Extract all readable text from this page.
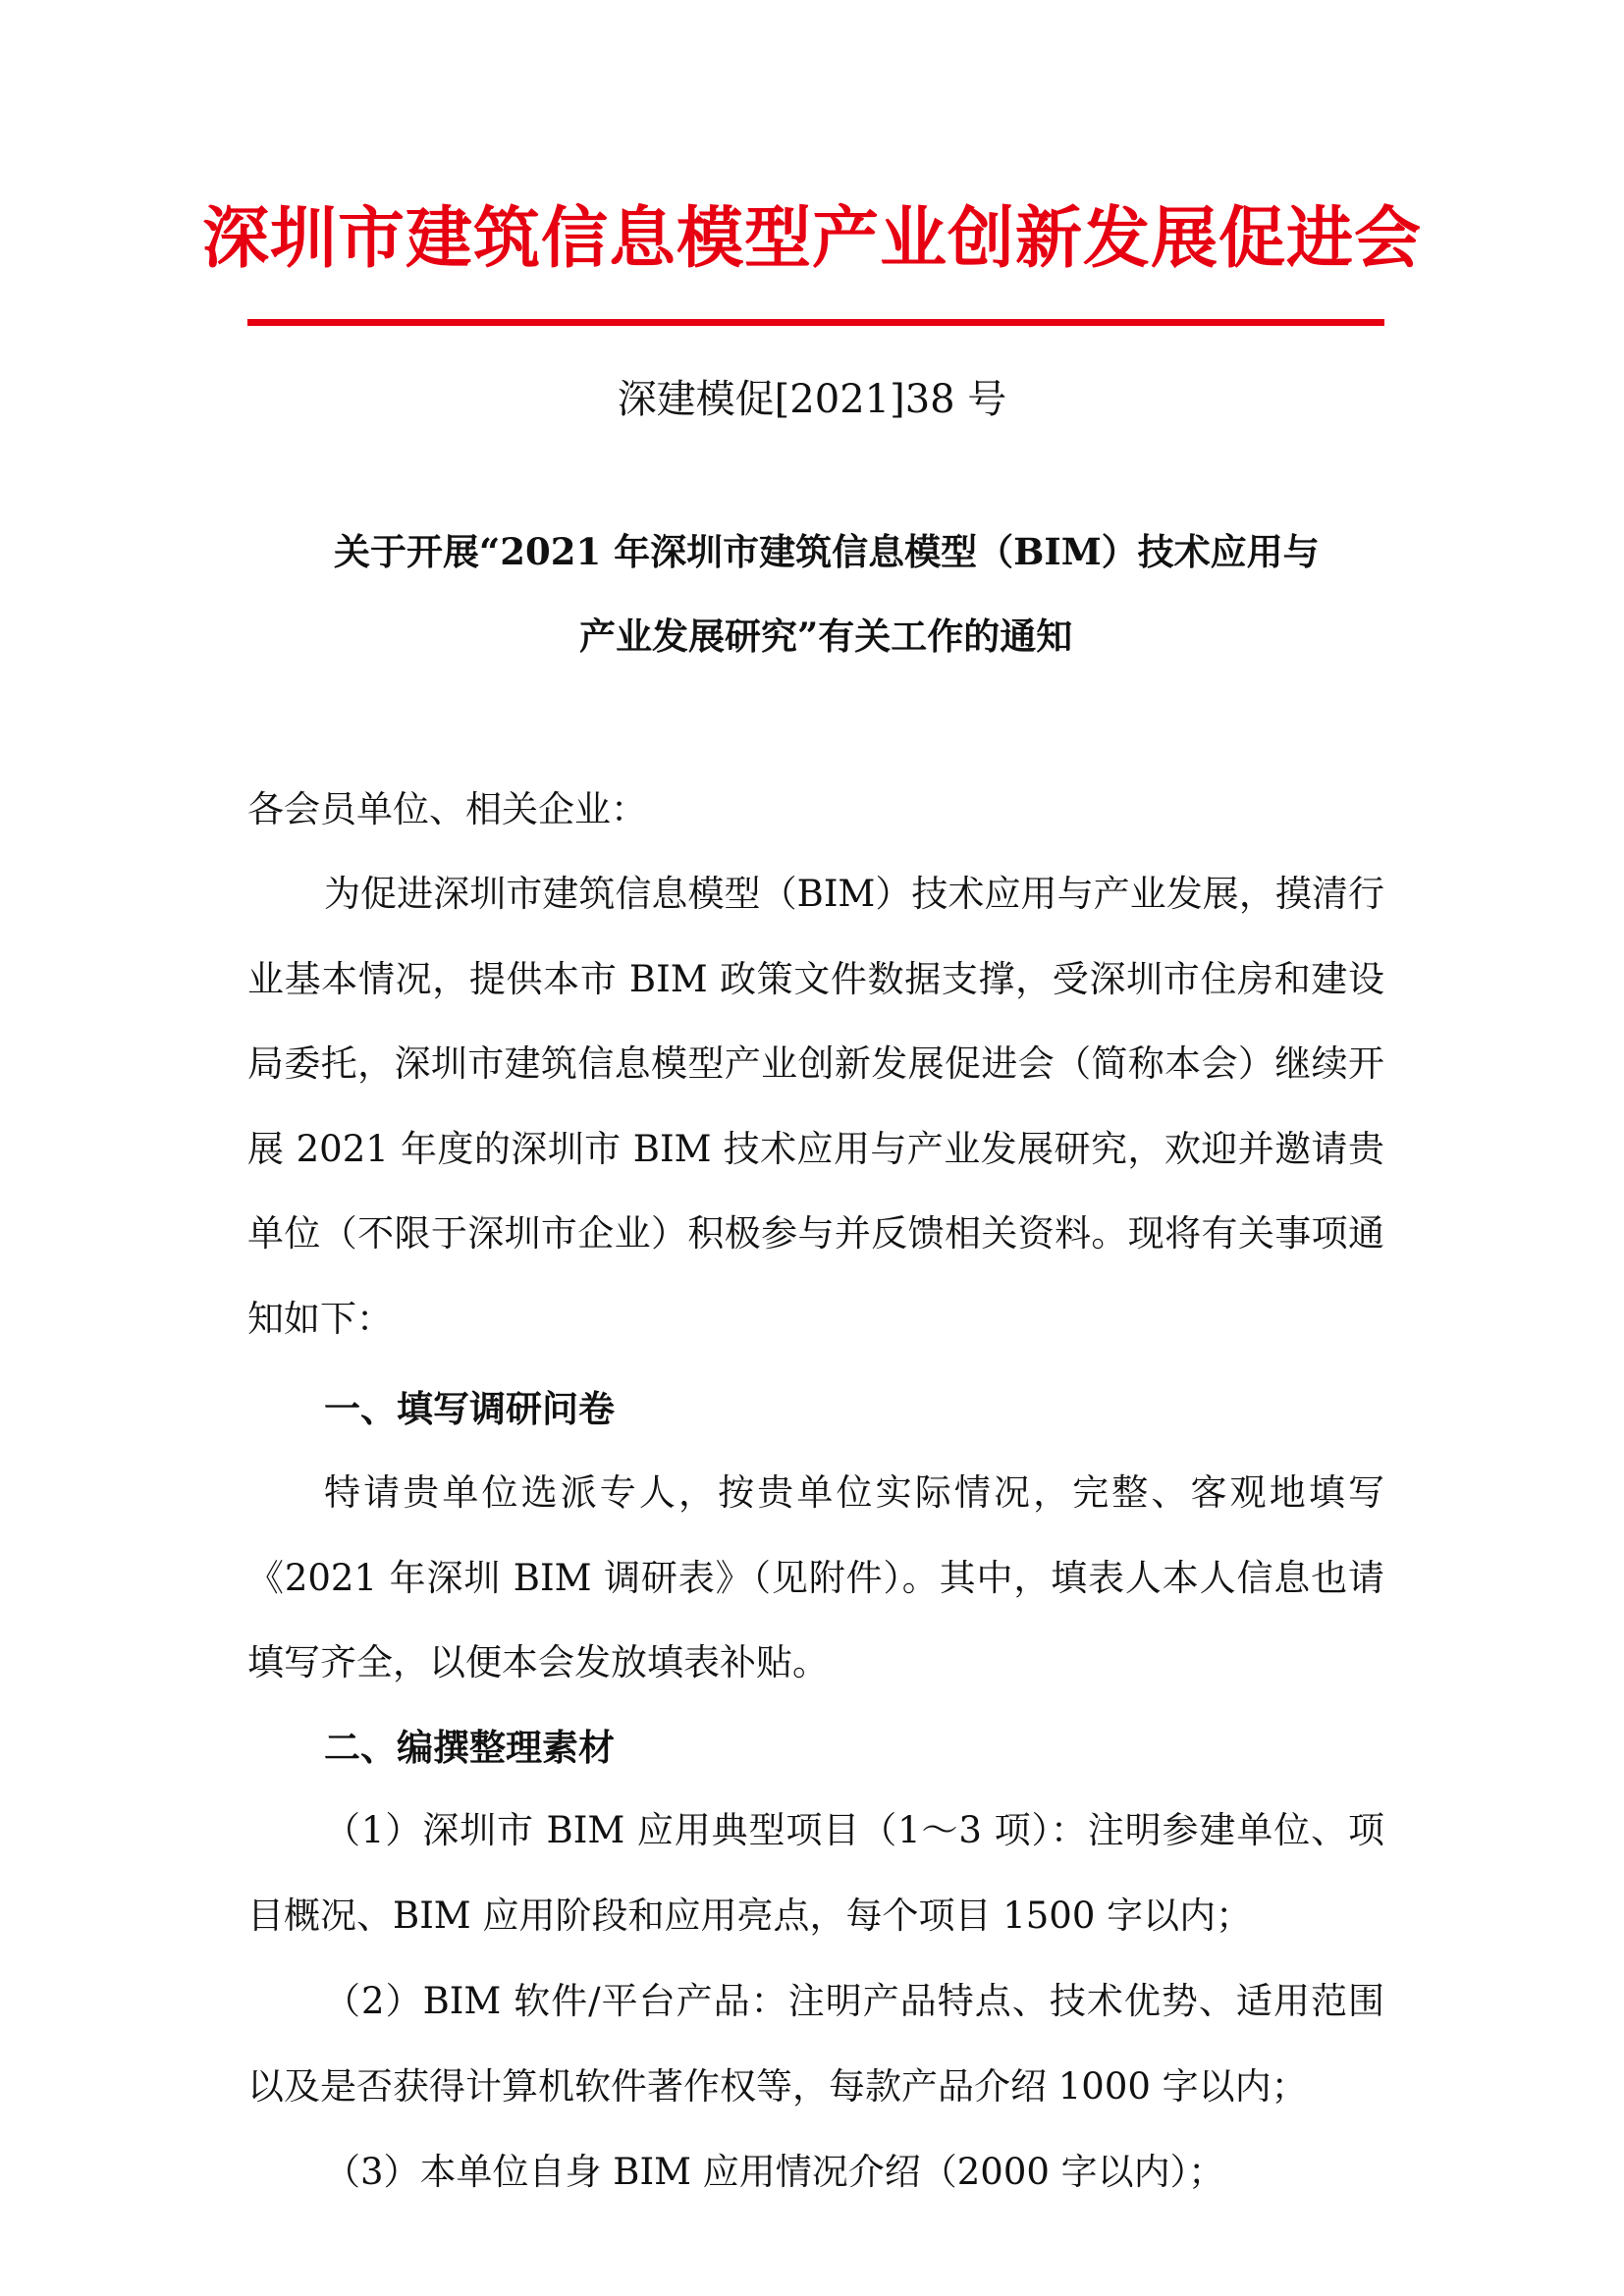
深圳市建筑信息模型产业创新发展促进会
深建模促[2021]38 号
关于开展“2021 年深圳市建筑信息模型（BIM）技术应用与
产业发展研究”有关工作的通知
各会员单位、相关企业：
为促进深圳市建筑信息模型（BIM）技术应用与产业发展，摸清行业基本情况，提供本市 BIM 政策文件数据支撑，受深圳市住房和建设局委托，深圳市建筑信息模型产业创新发展促进会（简称本会）继续开展 2021 年度的深圳市 BIM 技术应用与产业发展研究，欢迎并邀请贵单位（不限于深圳市企业）积极参与并反馈相关资料。现将有关事项通知如下：
一、填写调研问卷
特请贵单位选派专人，按贵单位实际情况，完整、客观地填写《2021 年深圳 BIM 调研表》（见附件）。其中，填表人本人信息也请填写齐全，以便本会发放填表补贴。
二、编撰整理素材
（1）深圳市 BIM 应用典型项目（1～3 项）：注明参建单位、项目概况、BIM 应用阶段和应用亮点，每个项目 1500 字以内；
（2）BIM 软件/平台产品：注明产品特点、技术优势、适用范围以及是否获得计算机软件著作权等，每款产品介绍 1000 字以内；
（3）本单位自身 BIM 应用情况介绍（2000 字以内）；
